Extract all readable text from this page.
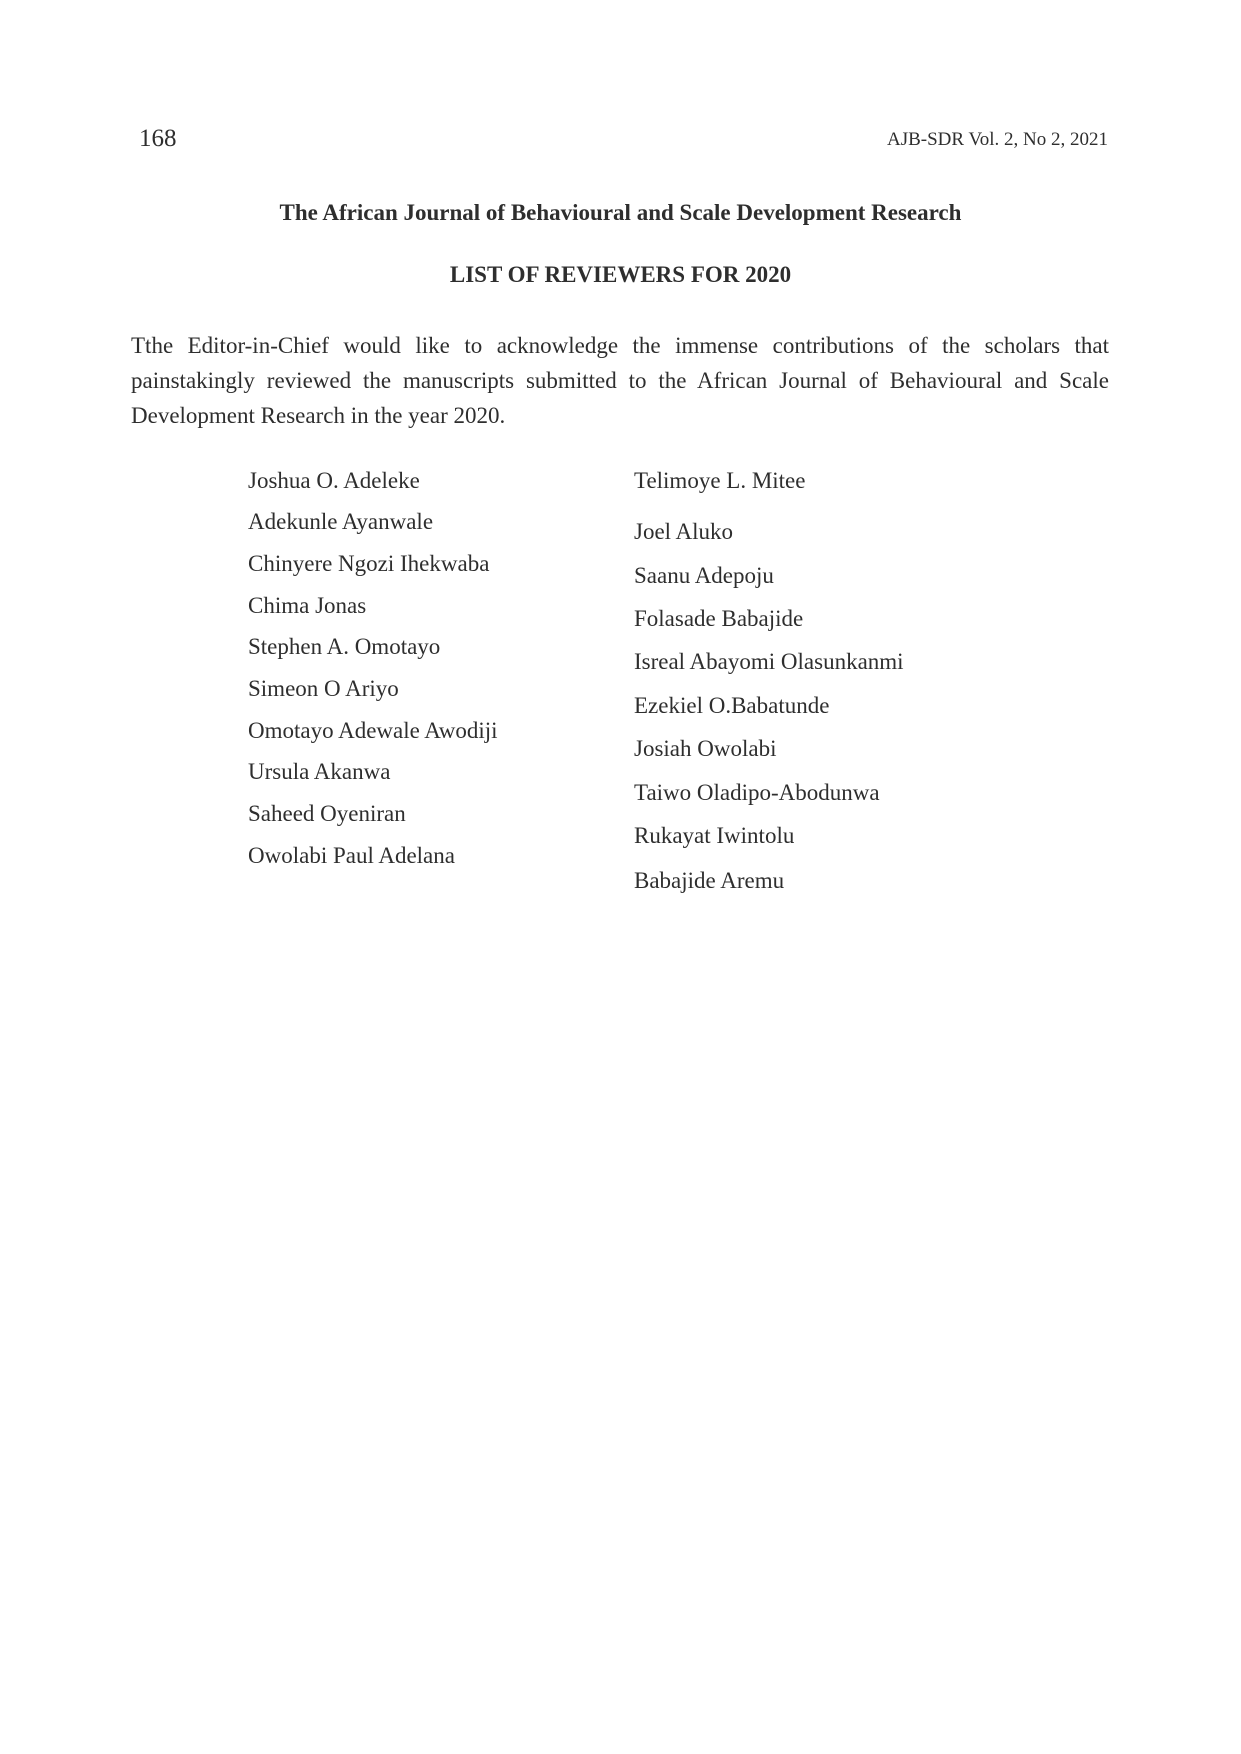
168	AJB-SDR Vol. 2, No 2, 2021
The African Journal of Behavioural and Scale Development Research
LIST OF REVIEWERS FOR 2020

Tthe Editor-in-Chief would like to acknowledge the immense contributions of the scholars that painstakingly reviewed the manuscripts submitted to the African Journal of Behavioural and Scale Development Research in the year 2020.

Joshua O. Adeleke
Adekunle Ayanwale
Chinyere Ngozi Ihekwaba
Chima Jonas
Stephen A. Omotayo
Simeon O Ariyo
Omotayo Adewale Awodiji
Ursula Akanwa
Saheed Oyeniran
Owolabi Paul Adelana
Telimoye L. Mitee
Joel Aluko
Saanu Adepoju
Folasade Babajide
Isreal Abayomi Olasunkanmi
Ezekiel O.Babatunde
Josiah Owolabi
Taiwo Oladipo-Abodunwa
Rukayat Iwintolu
Babajide Aremu
